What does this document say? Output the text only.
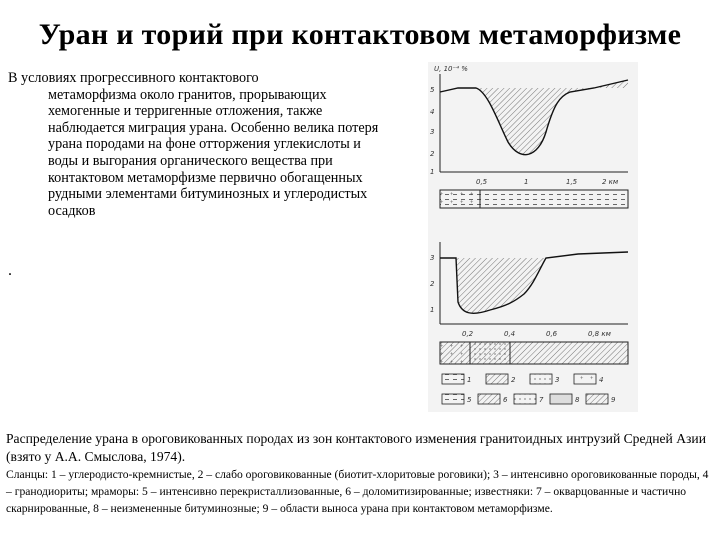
Уран и торий при контактовом метаморфизме
В условиях прогрессивного контактового
метаморфизма около гранитов, прорывающих хемогенные и терригенные отложения, также наблюдается миграция урана. Особенно велика потеря урана породами на фоне отторжения углекислоты и воды и выгорания органического вещества при контактовом метаморфизме первично обогащенных рудными элементами битуминозных и углеродистых осадков
.
U, 10⁻⁴ %
5
4
3
2
1
0,5	1	1,5	2 км
3
2
1
0,2	0,4	0,6	0,8 км
1	2	3	4
5	6	7	8	9
Распределение урана в ороговикованных породах из зон контактового изменения гранитоидных интрузий Средней Азии (взято у А.А. Смыслова, 1974).
Сланцы: 1 – углеродисто-кремнистые, 2 – слабо ороговикованные (биотит-хлоритовые роговики); 3 – интенсивно ороговикованные породы, 4 – гранодиориты; мраморы: 5 – интенсивно перекристаллизованные, 6 – доломитизированные; известняки: 7 – окварцованные и частично скарнированные, 8 – неизмененные битуминозные; 9 – области выноса урана при контактовом метаморфизме.
